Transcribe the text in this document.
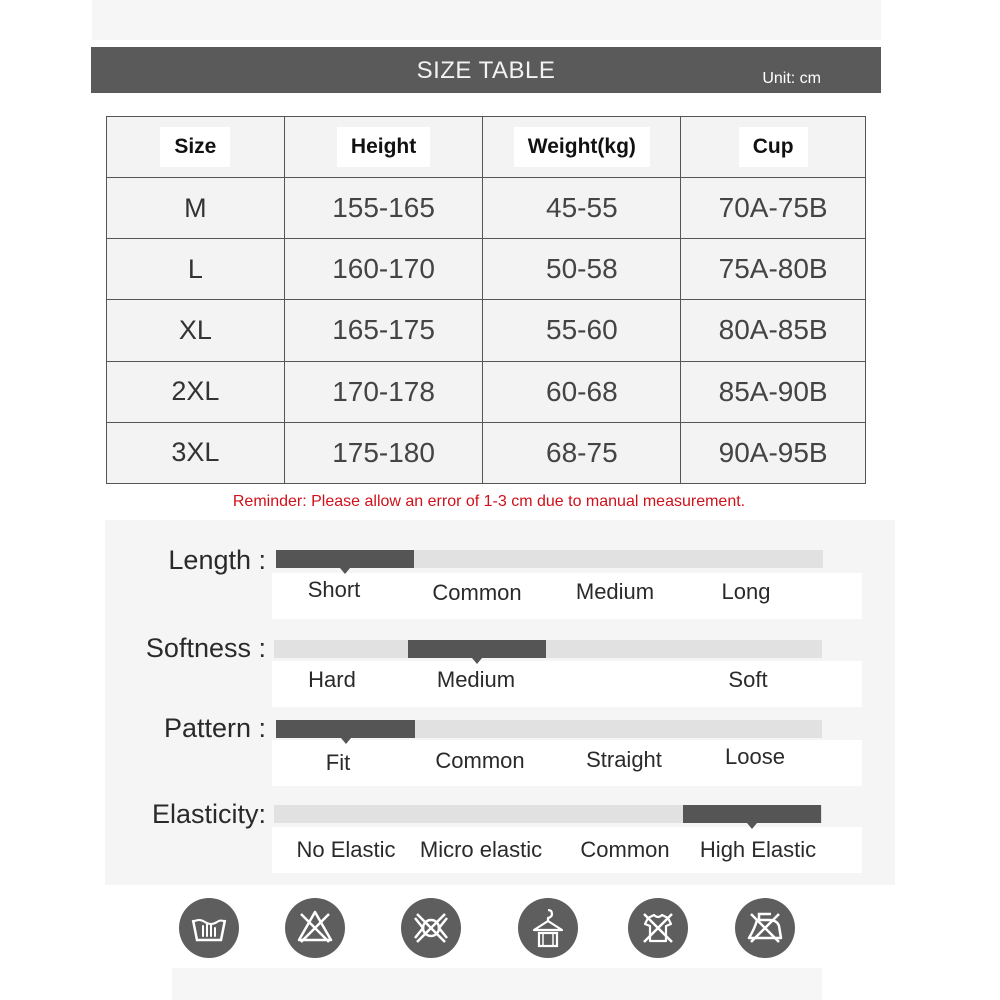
SIZE TABLE	Unit: cm
Size	Height	Weight(kg)	Cup
M	155-165	45-55	70A-75B
L	160-170	50-58	75A-80B
XL	165-175	55-60	80A-85B
2XL	170-178	60-68	85A-90B
3XL	175-180	68-75	90A-95B
Reminder: Please allow an error of 1-3 cm due to manual measurement.
Length :
Short	Common Medium	Long
Softness :
Hard	Medium	Soft
Pattern :
Fit	Common	Straight	Loose
Elasticity:
No Elastic Micro elastic Common High Elastic
